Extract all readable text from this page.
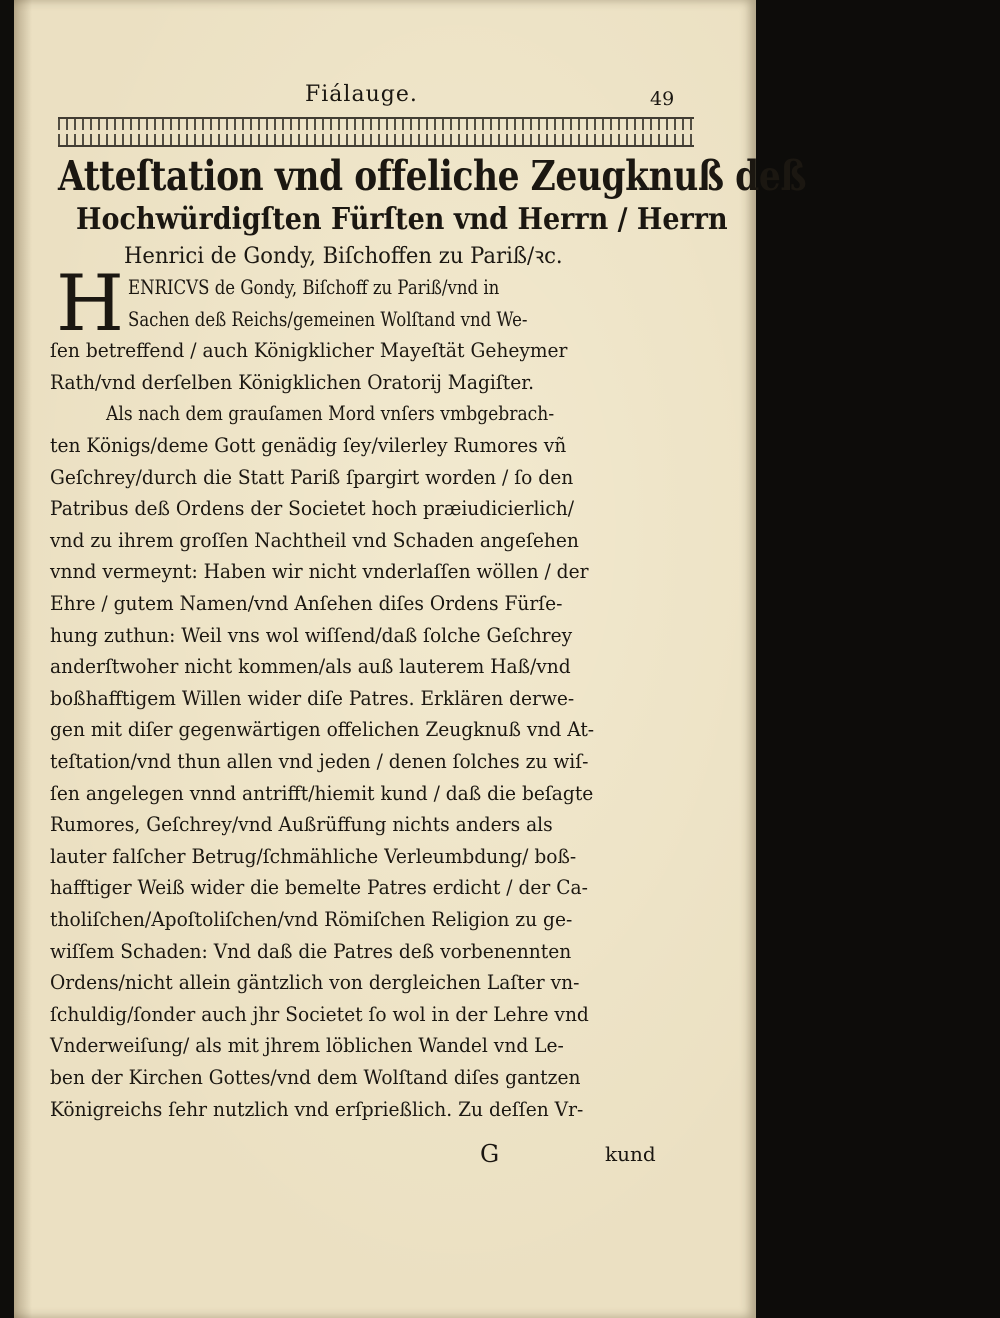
Fiálauge.	49
Atteſtation vnd offeliche Zeugknuß deß
Hochwürdigſten Fürſten vnd Herrn / Herrn
Henrici de Gondy, Biſchoffen zu Pariß/ꝛc.
H ENRICVS de Gondy, Biſchoff zu Pariß/vnd in
Sachen deß Reichs/gemeinen Wolſtand vnd We-
ſen betreffend / auch Königklicher Mayeſtät Geheymer
Rath/vnd derſelben Königklichen Oratorij Magiſter.
Als nach dem grauſamen Mord vnſers vmbgebrach-
ten Königs/deme Gott genädig ſey/vilerley Rumores vñ
Geſchrey/durch die Statt Pariß ſpargirt worden / ſo den
Patribus deß Ordens der Societet hoch præiudicierlich/
vnd zu ihrem groſſen Nachtheil vnd Schaden angeſehen
vnnd vermeynt: Haben wir nicht vnderlaſſen wöllen / der
Ehre / gutem Namen/vnd Anſehen diſes Ordens Fürſe-
hung zuthun: Weil vns wol wiſſend/daß ſolche Geſchrey
anderſtwoher nicht kommen/als auß lauterem Haß/vnd
boßhafftigem Willen wider diſe Patres. Erklären derwe-
gen mit diſer gegenwärtigen offelichen Zeugknuß vnd At-
teſtation/vnd thun allen vnd jeden / denen ſolches zu wiſ-
ſen angelegen vnnd antrifft/hiemit kund / daß die beſagte
Rumores, Geſchrey/vnd Außrüffung nichts anders als
lauter falſcher Betrug/ſchmähliche Verleumbdung/ boß-
hafftiger Weiß wider die bemelte Patres erdicht / der Ca-
tholiſchen/Apoſtoliſchen/vnd Römiſchen Religion zu ge-
wiſſem Schaden: Vnd daß die Patres deß vorbenennten
Ordens/nicht allein gäntzlich von dergleichen Laſter vn-
ſchuldig/ſonder auch jhr Societet ſo wol in der Lehre vnd
Vnderweiſung/ als mit jhrem löblichen Wandel vnd Le-
ben der Kirchen Gottes/vnd dem Wolſtand diſes gantzen
Königreichs ſehr nutzlich vnd erſprießlich. Zu deſſen Vr-
G	kund
